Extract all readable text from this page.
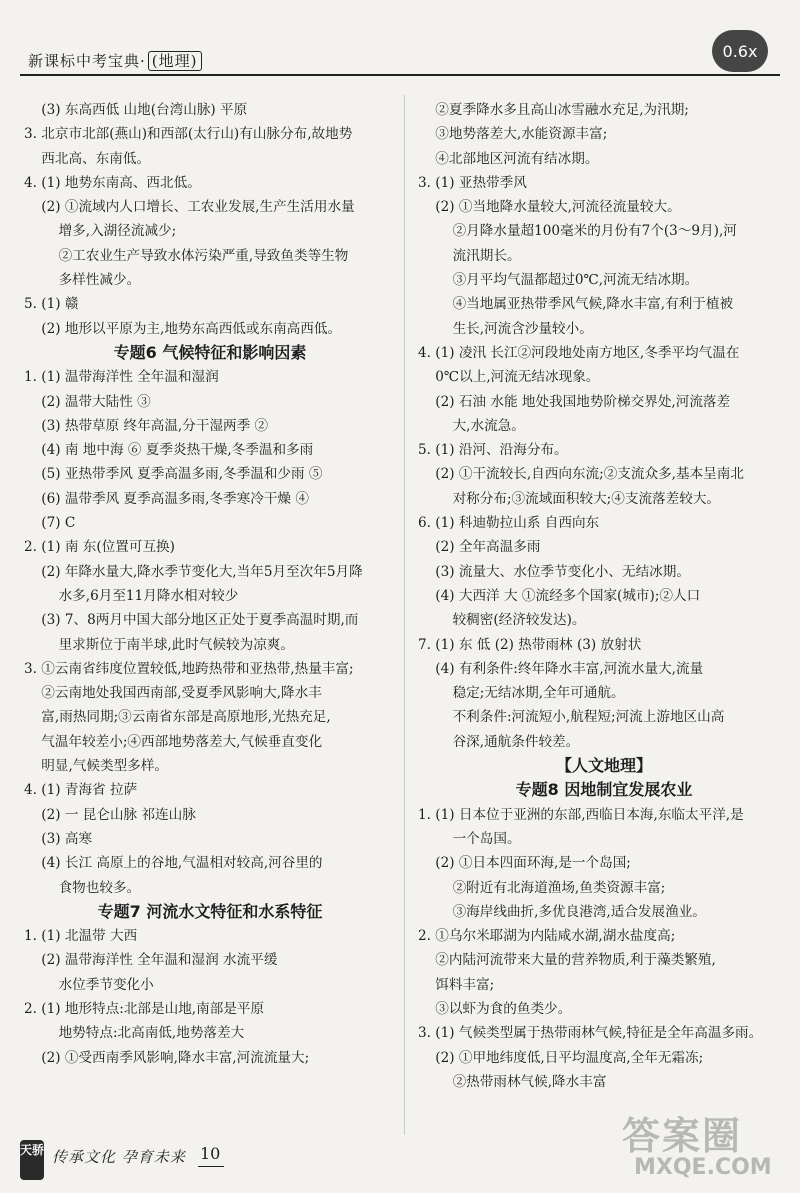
新课标中考宝典· (地理)
0.6x
(3) 东高西低 山地(台湾山脉) 平原
3. 北京市北部(燕山)和西部(太行山)有山脉分布,故地势
西北高、东南低。
4. (1) 地势东南高、西北低。
(2) ①流域内人口增长、工农业发展,生产生活用水量
增多,入湖径流减少;
②工农业生产导致水体污染严重,导致鱼类等生物
多样性减少。
5. (1) 赣
(2) 地形以平原为主,地势东高西低或东南高西低。
专题6 气候特征和影响因素
1. (1) 温带海洋性 全年温和湿润
(2) 温带大陆性 ③
(3) 热带草原 终年高温,分干湿两季 ②
(4) 南 地中海 ⑥ 夏季炎热干燥,冬季温和多雨
(5) 亚热带季风 夏季高温多雨,冬季温和少雨 ⑤
(6) 温带季风 夏季高温多雨,冬季寒冷干燥 ④
(7) C
2. (1) 南 东(位置可互换)
(2) 年降水量大,降水季节变化大,当年5月至次年5月降
水多,6月至11月降水相对较少
(3) 7、8两月中国大部分地区正处于夏季高温时期,而
里求斯位于南半球,此时气候较为凉爽。
3. ①云南省纬度位置较低,地跨热带和亚热带,热量丰富;
②云南地处我国西南部,受夏季风影响大,降水丰
富,雨热同期;③云南省东部是高原地形,光热充足,
气温年较差小;④西部地势落差大,气候垂直变化
明显,气候类型多样。
4. (1) 青海省 拉萨
(2) 一 昆仑山脉 祁连山脉
(3) 高寒
(4) 长江 高原上的谷地,气温相对较高,河谷里的
食物也较多。
专题7 河流水文特征和水系特征
1. (1) 北温带 大西
(2) 温带海洋性 全年温和湿润 水流平缓
水位季节变化小
2. (1) 地形特点:北部是山地,南部是平原
地势特点:北高南低,地势落差大
(2) ①受西南季风影响,降水丰富,河流流量大;
②夏季降水多且高山冰雪融水充足,为汛期;
③地势落差大,水能资源丰富;
④北部地区河流有结冰期。
3. (1) 亚热带季风
(2) ①当地降水量较大,河流径流量较大。
②月降水量超100毫米的月份有7个(3～9月),河
流汛期长。
③月平均气温都超过0℃,河流无结冰期。
④当地属亚热带季风气候,降水丰富,有利于植被
生长,河流含沙量较小。
4. (1) 凌汛 长江②河段地处南方地区,冬季平均气温在
0℃以上,河流无结冰现象。
(2) 石油 水能 地处我国地势阶梯交界处,河流落差
大,水流急。
5. (1) 沿河、沿海分布。
(2) ①干流较长,自西向东流;②支流众多,基本呈南北
对称分布;③流域面积较大;④支流落差较大。
6. (1) 科迪勒拉山系 自西向东
(2) 全年高温多雨
(3) 流量大、水位季节变化小、无结冰期。
(4) 大西洋 大 ①流经多个国家(城市);②人口
较稠密(经济较发达)。
7. (1) 东 低 (2) 热带雨林 (3) 放射状
(4) 有利条件:终年降水丰富,河流水量大,流量
稳定;无结冰期,全年可通航。
不利条件:河流短小,航程短;河流上游地区山高
谷深,通航条件较差。
【人文地理】
专题8 因地制宜发展农业
1. (1) 日本位于亚洲的东部,西临日本海,东临太平洋,是
一个岛国。
(2) ①日本四面环海,是一个岛国;
②附近有北海道渔场,鱼类资源丰富;
③海岸线曲折,多优良港湾,适合发展渔业。
2. ①乌尔米耶湖为内陆咸水湖,湖水盐度高;
②内陆河流带来大量的营养物质,利于藻类繁殖,
饵料丰富;
③以虾为食的鱼类少。
3. (1) 气候类型属于热带雨林气候,特征是全年高温多雨。
(2) ①甲地纬度低,日平均温度高,全年无霜冻;
②热带雨林气候,降水丰富
天骄 传承文化 孕育未来 10	答案圈
MXQE.COM
